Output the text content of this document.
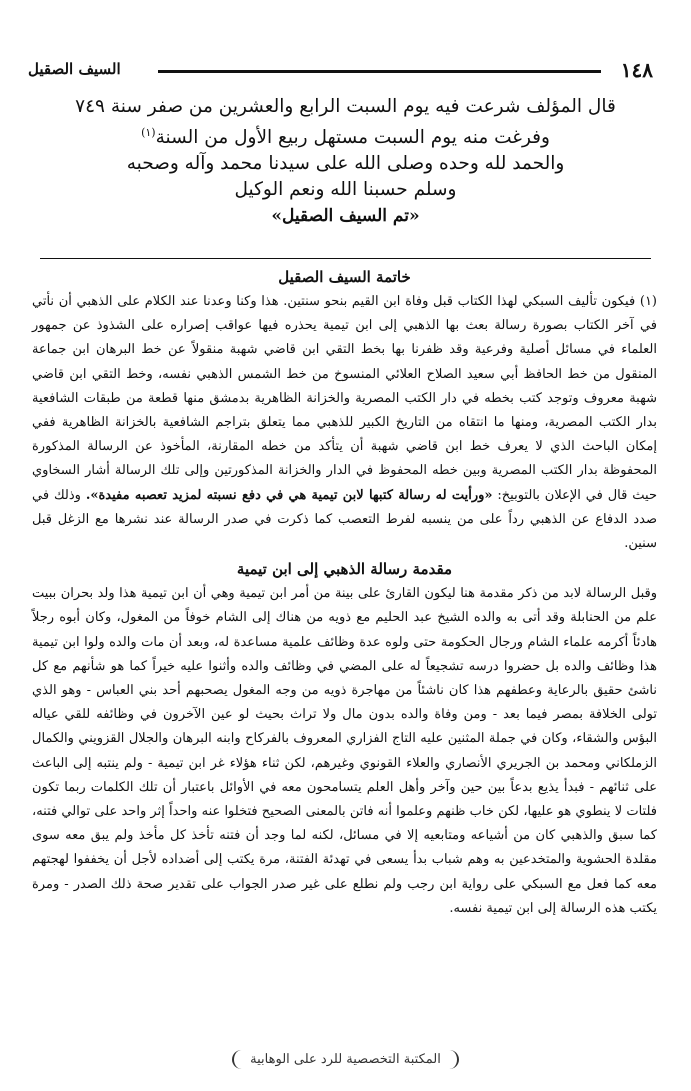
١٤٨
السيف الصقيل
قال المؤلف شرعت فيه يوم السبت الرابع والعشرين من صفر سنة ٧٤٩
وفرغت منه يوم السبت مستهل ربيع الأول من السنة$^{(١)}$
والحمد لله وحده وصلى الله على سيدنا محمد وآله وصحبه
وسلم حسبنا الله ونعم الوكيل
«تم السيف الصقيل»
خاتمة السيف الصقيل

(١) فيكون تأليف السبكي لهذا الكتاب قبل وفاة ابن القيم بنحو سنتين. هذا وكنا وعدنا عند الكلام على الذهبي أن نأتي في آخر الكتاب بصورة رسالة بعث بها الذهبي إلى ابن تيمية يحذره فيها عواقب إصراره على الشذوذ عن جمهور العلماء في مسائل أصلية وفرعية وقد ظفرنا بها بخط التقي ابن قاضي شهبة منقولاً عن خط البرهان ابن جماعة المنقول من خط الحافظ أبي سعيد الصلاح العلائي المنسوخ من خط الشمس الذهبي نفسه، وخط التقي ابن قاضي شهبة معروف وتوجد كتب بخطه في دار الكتب المصرية والخزانة الظاهرية بدمشق منها قطعة من طبقات الشافعية بدار الكتب المصرية، ومنها ما انتقاه من التاريخ الكبير للذهبي مما يتعلق بتراجم الشافعية بالخزانة الظاهرية ففي إمكان الباحث الذي لا يعرف خط ابن قاضي شهبة أن يتأكد من خطه المقارنة، المأخوذ عن الرسالة المذكورة المحفوظة بدار الكتب المصرية وبين خطه المحفوظ في الدار والخزانة المذكورتين وإلى تلك الرسالة أشار السخاوي حيث قال في الإعلان بالتوبيخ: «ورأيت له رسالة كتبها لابن تيمية هي في دفع نسبته لمزيد تعصبه مفيدة». وذلك في صدد الدفاع عن الذهبي رداً على من ينسبه لفرط التعصب كما ذكرت في صدر الرسالة عند نشرها مع الزغل قبل سنين.

مقدمة رسالة الذهبي إلى ابن تيمية

وقبل الرسالة لابد من ذكر مقدمة هنا ليكون القارئ على بينة من أمر ابن تيمية وهي أن ابن تيمية هذا ولد بحران ببيت علم من الحنابلة وقد أتى به والده الشيخ عبد الحليم مع ذويه من هناك إلى الشام خوفاً من المغول، وكان أبوه رجلاً هادئاً أكرمه علماء الشام ورجال الحكومة حتى ولوه عدة وظائف علمية مساعدة له، وبعد أن مات والده ولوا ابن تيمية هذا وظائف والده بل حضروا درسه تشجيعاً له على المضي في وظائف والده وأثنوا عليه خيراً كما هو شأنهم مع كل ناشئ حقيق بالرعاية وعطفهم هذا كان ناشئاً من مهاجرة ذويه من وجه المغول يصحبهم أحد بني العباس - وهو الذي تولى الخلافة بمصر فيما بعد - ومن وفاة والده بدون مال ولا تراث بحيث لو عين الآخرون في وظائفه للقي عياله البؤس والشقاء، وكان في جملة المثنين عليه التاج الفزاري المعروف بالفركاح وابنه البرهان والجلال القزويني والكمال الزملكاني ومحمد بن الجريري الأنصاري والعلاء القونوي وغيرهم، لكن ثناء هؤلاء غر ابن تيمية - ولم ينتبه إلى الباعث على ثنائهم - فبدأ يذيع بدعاً بين حين وآخر وأهل العلم يتسامحون معه في الأوائل باعتبار أن تلك الكلمات ربما تكون فلتات لا ينطوي هو عليها، لكن خاب ظنهم وعلموا أنه فاتن بالمعنى الصحيح فتخلوا عنه واحداً إثر واحد على توالي فتنه، كما سبق والذهبي كان من أشياعه ومتابعيه إلا في مسائل، لكنه لما وجد أن فتنه تأخذ كل مأخذ ولم يبق معه سوى مقلدة الحشوية والمتخدعين به وهم شباب بدأ يسعى في تهدئة الفتنة، مرة يكتب إلى أضداده لأجل أن يخففوا لهجتهم معه كما فعل مع السبكي على رواية ابن رجب ولم نطلع على غير صدر الجواب على تقدير صحة ذلك الصدر - ومرة يكتب هذه الرسالة إلى ابن تيمية نفسه.

المكتبة التخصصية للرد على الوهابية
